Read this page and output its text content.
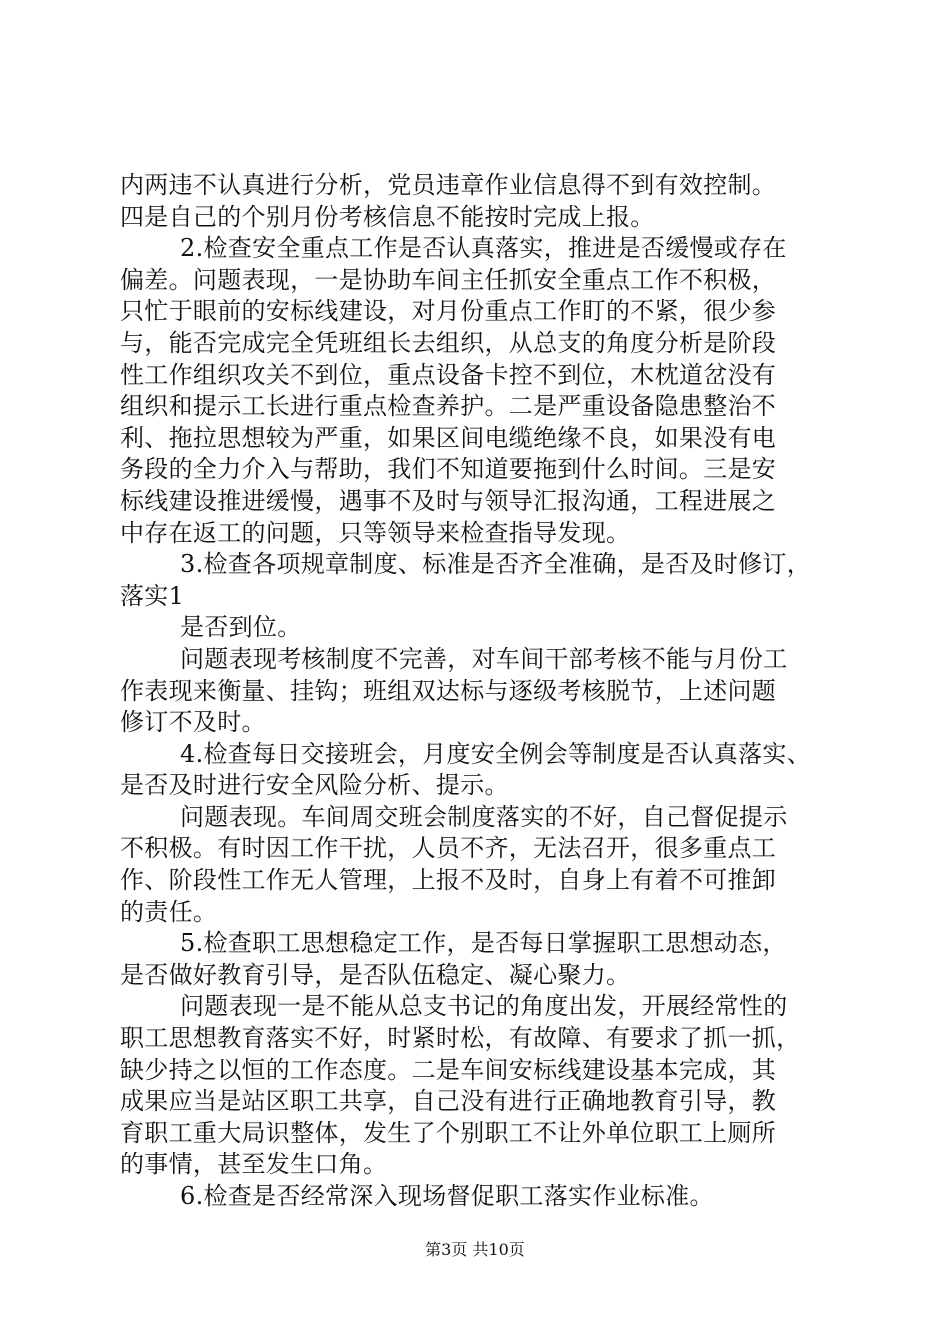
内两违不认真进行分析，党员违章作业信息得不到有效控制。
四是自己的个别月份考核信息不能按时完成上报。
2.检查安全重点工作是否认真落实，推进是否缓慢或存在
偏差。问题表现，一是协助车间主任抓安全重点工作不积极，
只忙于眼前的安标线建设，对月份重点工作盯的不紧，很少参
与，能否完成完全凭班组长去组织，从总支的角度分析是阶段
性工作组织攻关不到位，重点设备卡控不到位，木枕道岔没有
组织和提示工长进行重点检查养护。二是严重设备隐患整治不
利、拖拉思想较为严重，如果区间电缆绝缘不良，如果没有电
务段的全力介入与帮助，我们不知道要拖到什么时间。三是安
标线建设推进缓慢，遇事不及时与领导汇报沟通，工程进展之
中存在返工的问题，只等领导来检查指导发现。
3.检查各项规章制度、标准是否齐全准确，是否及时修订，
落实1
是否到位。
问题表现考核制度不完善，对车间干部考核不能与月份工
作表现来衡量、挂钩；班组双达标与逐级考核脱节，上述问题
修订不及时。
4.检查每日交接班会，月度安全例会等制度是否认真落实、
是否及时进行安全风险分析、提示。
问题表现。车间周交班会制度落实的不好，自己督促提示
不积极。有时因工作干扰，人员不齐，无法召开，很多重点工
作、阶段性工作无人管理，上报不及时，自身上有着不可推卸
的责任。
5.检查职工思想稳定工作，是否每日掌握职工思想动态，
是否做好教育引导，是否队伍稳定、凝心聚力。
问题表现一是不能从总支书记的角度出发，开展经常性的
职工思想教育落实不好，时紧时松，有故障、有要求了抓一抓，
缺少持之以恒的工作态度。二是车间安标线建设基本完成，其
成果应当是站区职工共享，自己没有进行正确地教育引导，教
育职工重大局识整体，发生了个别职工不让外单位职工上厕所
的事情，甚至发生口角。
6.检查是否经常深入现场督促职工落实作业标准。
第3页 共10页
